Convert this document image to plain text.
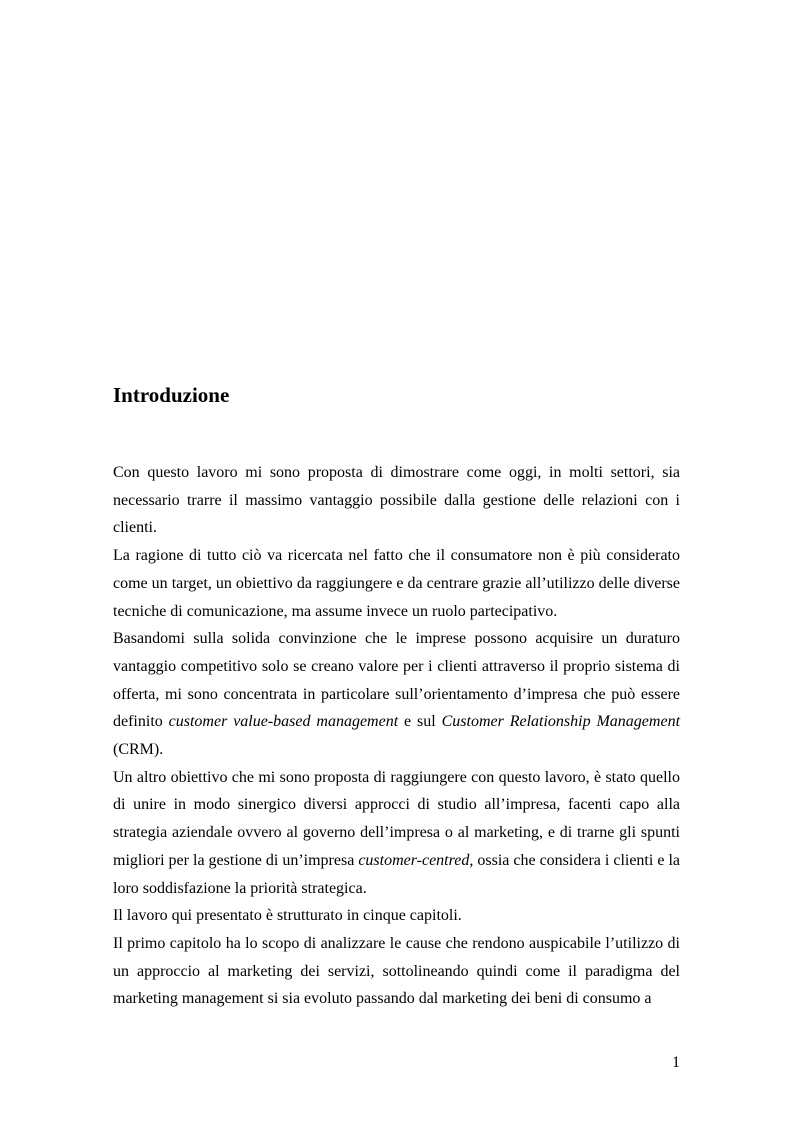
Introduzione

Con questo lavoro mi sono proposta di dimostrare come oggi, in molti settori, sia necessario trarre il massimo vantaggio possibile dalla gestione delle relazioni con i clienti.

La ragione di tutto ciò va ricercata nel fatto che il consumatore non è più considerato come un target, un obiettivo da raggiungere e da centrare grazie all’utilizzo delle diverse tecniche di comunicazione, ma assume invece un ruolo partecipativo.

Basandomi sulla solida convinzione che le imprese possono acquisire un duraturo vantaggio competitivo solo se creano valore per i clienti attraverso il proprio sistema di offerta, mi sono concentrata in particolare sull’orientamento d’impresa che può essere definito customer value-based management e sul Customer Relationship Management (CRM).

Un altro obiettivo che mi sono proposta di raggiungere con questo lavoro, è stato quello di unire in modo sinergico diversi approcci di studio all’impresa, facenti capo alla strategia aziendale ovvero al governo dell’impresa o al marketing, e di trarne gli spunti migliori per la gestione di un’impresa customer-centred, ossia che considera i clienti e la loro soddisfazione la priorità strategica.

Il lavoro qui presentato è strutturato in cinque capitoli.

Il primo capitolo ha lo scopo di analizzare le cause che rendono auspicabile l’utilizzo di un approccio al marketing dei servizi, sottolineando quindi come il paradigma del marketing management si sia evoluto passando dal marketing dei beni di consumo a

1
